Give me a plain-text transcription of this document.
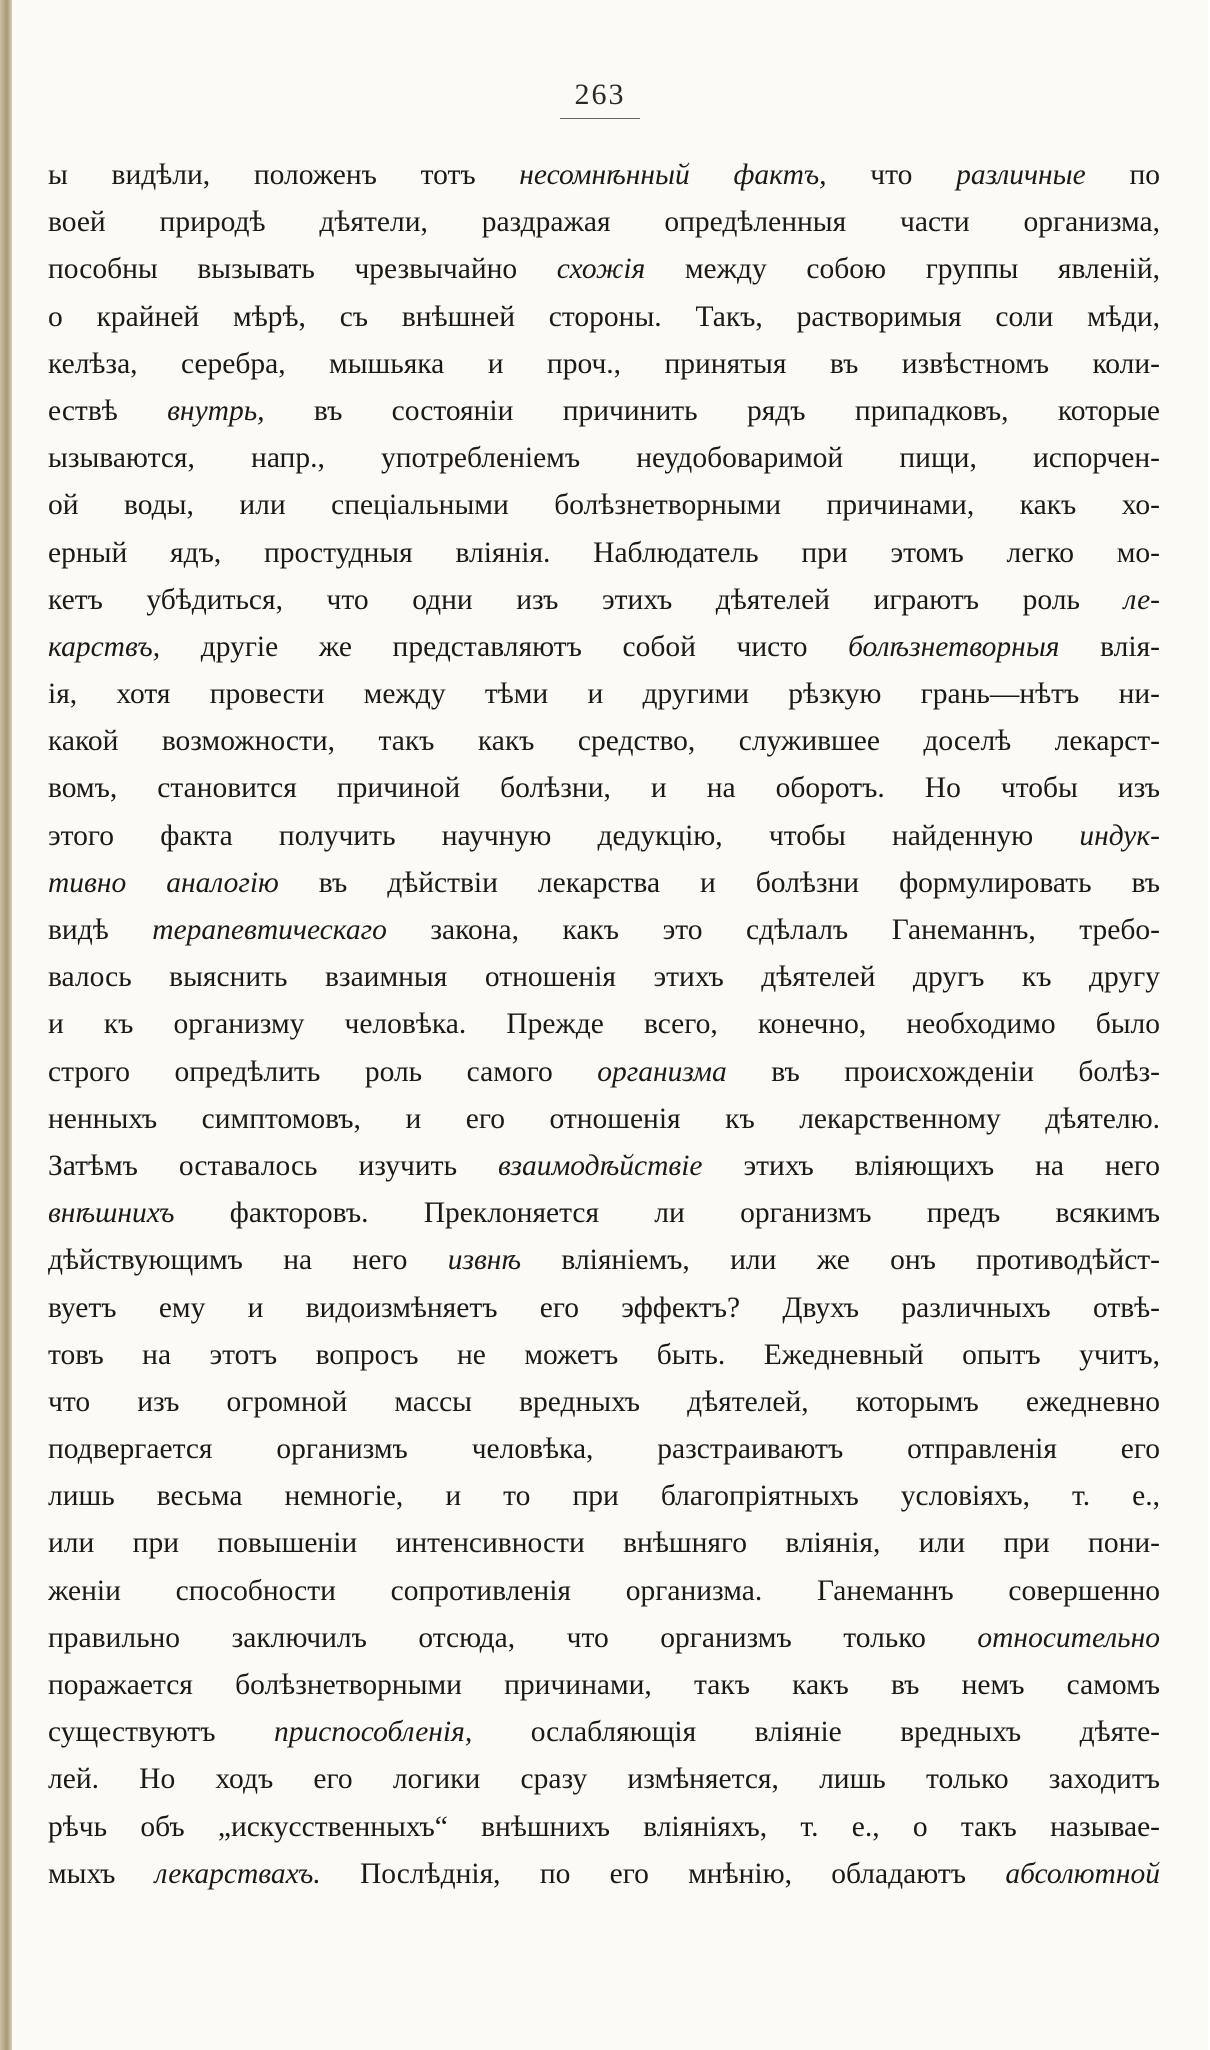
263
ы видѣли, положенъ тотъ несомнѣнный фактъ, что различные по
воей природѣ дѣятели, раздражая опредѣленныя части организма,
пособны вызывать чрезвычайно схожія между собою группы явленій,
о крайней мѣрѣ, съ внѣшней стороны. Такъ, растворимыя соли мѣди,
келѣза, серебра, мышьяка и проч., принятыя въ извѣстномъ коли-
ествѣ внутрь, въ состояніи причинить рядъ припадковъ, которые
ызываются, напр., употребленіемъ неудобоваримой пищи, испорчен-
ой воды, или спеціальными болѣзнетворными причинами, какъ хо-
ерный ядъ, простудныя вліянія. Наблюдатель при этомъ легко мо-
кетъ убѣдиться, что одни изъ этихъ дѣятелей играютъ роль ле-
карствъ, другіе же представляютъ собой чисто болѣзнетворныя влія-
ія, хотя провести между тѣми и другими рѣзкую грань—нѣтъ ни-
какой возможности, такъ какъ средство, служившее доселѣ лекарст-
вомъ, становится причиной болѣзни, и на оборотъ. Но чтобы изъ
этого факта получить научную дедукцію, чтобы найденную индук-
тивно аналогію въ дѣйствіи лекарства и болѣзни формулировать въ
видѣ терапевтическаго закона, какъ это сдѣлалъ Ганеманнъ, требо-
валось выяснить взаимныя отношенія этихъ дѣятелей другъ къ другу
и къ организму человѣка. Прежде всего, конечно, необходимо было
строго опредѣлить роль самого организма въ происхожденіи болѣз-
ненныхъ симптомовъ, и его отношенія къ лекарственному дѣятелю.
Затѣмъ оставалось изучить взаимодѣйствіе этихъ вліяющихъ на него
внѣшнихъ факторовъ. Преклоняется ли организмъ предъ всякимъ
дѣйствующимъ на него извнѣ вліяніемъ, или же онъ противодѣйст-
вуетъ ему и видоизмѣняетъ его эффектъ? Двухъ различныхъ отвѣ-
товъ на этотъ вопросъ не можетъ быть. Ежедневный опытъ учитъ,
что изъ огромной массы вредныхъ дѣятелей, которымъ ежедневно
подвергается организмъ человѣка, разстраиваютъ отправленія его
лишь весьма немногіе, и то при благопріятныхъ условіяхъ, т. е.,
или при повышеніи интенсивности внѣшняго вліянія, или при пони-
женіи способности сопротивленія организма. Ганеманнъ совершенно
правильно заключилъ отсюда, что организмъ только относительно
поражается болѣзнетворными причинами, такъ какъ въ немъ самомъ
существуютъ приспособленія, ослабляющія вліяніе вредныхъ дѣяте-
лей. Но ходъ его логики сразу измѣняется, лишь только заходитъ
рѣчь объ „искусственныхъ“ внѣшнихъ вліяніяхъ, т. е., о такъ называе-
мыхъ лекарствахъ. Послѣднія, по его мнѣнію, обладаютъ абсолютной
